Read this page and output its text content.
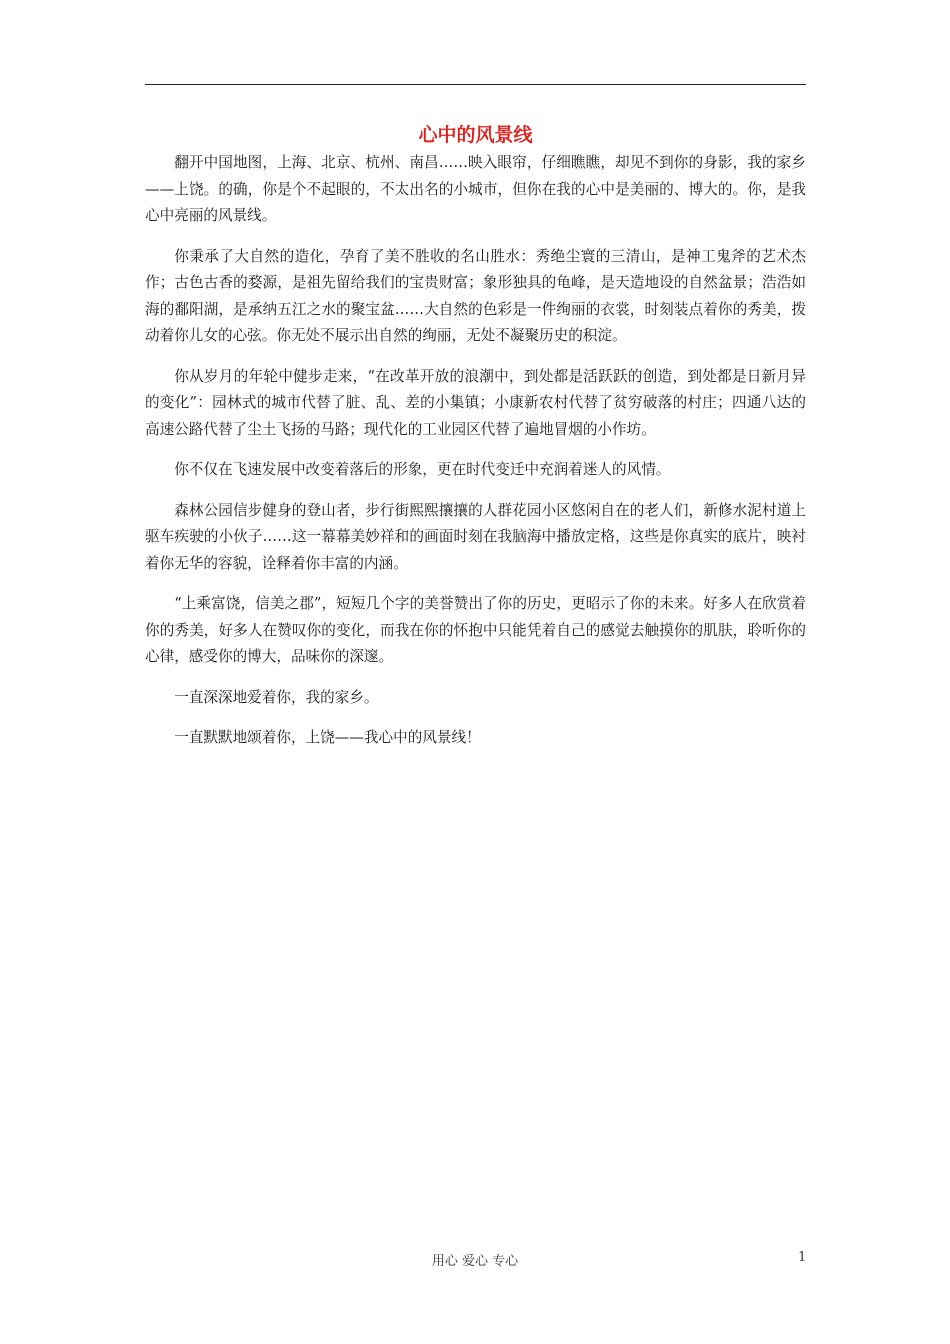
心中的风景线

翻开中国地图，上海、北京、杭州、南昌……映入眼帘，仔细瞧瞧，却见不到你的身影，我的家乡——上饶。的确，你是个不起眼的，不太出名的小城市，但你在我的心中是美丽的、博大的。你，是我心中亮丽的风景线。

你秉承了大自然的造化，孕育了美不胜收的名山胜水：秀绝尘寰的三清山，是神工鬼斧的艺术杰作；古色古香的婺源，是祖先留给我们的宝贵财富；象形独具的龟峰，是天造地设的自然盆景；浩浩如海的鄱阳湖，是承纳五江之水的聚宝盆……大自然的色彩是一件绚丽的衣裳，时刻装点着你的秀美，拨动着你儿女的心弦。你无处不展示出自然的绚丽，无处不凝聚历史的积淀。

你从岁月的年轮中健步走来，“在改革开放的浪潮中，到处都是活跃跃的创造，到处都是日新月异的变化”：园林式的城市代替了脏、乱、差的小集镇；小康新农村代替了贫穷破落的村庄；四通八达的高速公路代替了尘土飞扬的马路；现代化的工业园区代替了遍地冒烟的小作坊。

你不仅在飞速发展中改变着落后的形象，更在时代变迁中充润着迷人的风情。

森林公园信步健身的登山者，步行街熙熙攘攘的人群花园小区悠闲自在的老人们，新修水泥村道上驱车疾驶的小伙子……这一幕幕美妙祥和的画面时刻在我脑海中播放定格，这些是你真实的底片，映衬着你无华的容貌，诠释着你丰富的内涵。

“上乘富饶，信美之郡”，短短几个字的美誉赞出了你的历史，更昭示了你的未来。好多人在欣赏着你的秀美，好多人在赞叹你的变化，而我在你的怀抱中只能凭着自己的感觉去触摸你的肌肤，聆听你的心律，感受你的博大，品味你的深邃。

一直深深地爱着你，我的家乡。

一直默默地颂着你，上饶——我心中的风景线！

用心 爱心 专心	1
